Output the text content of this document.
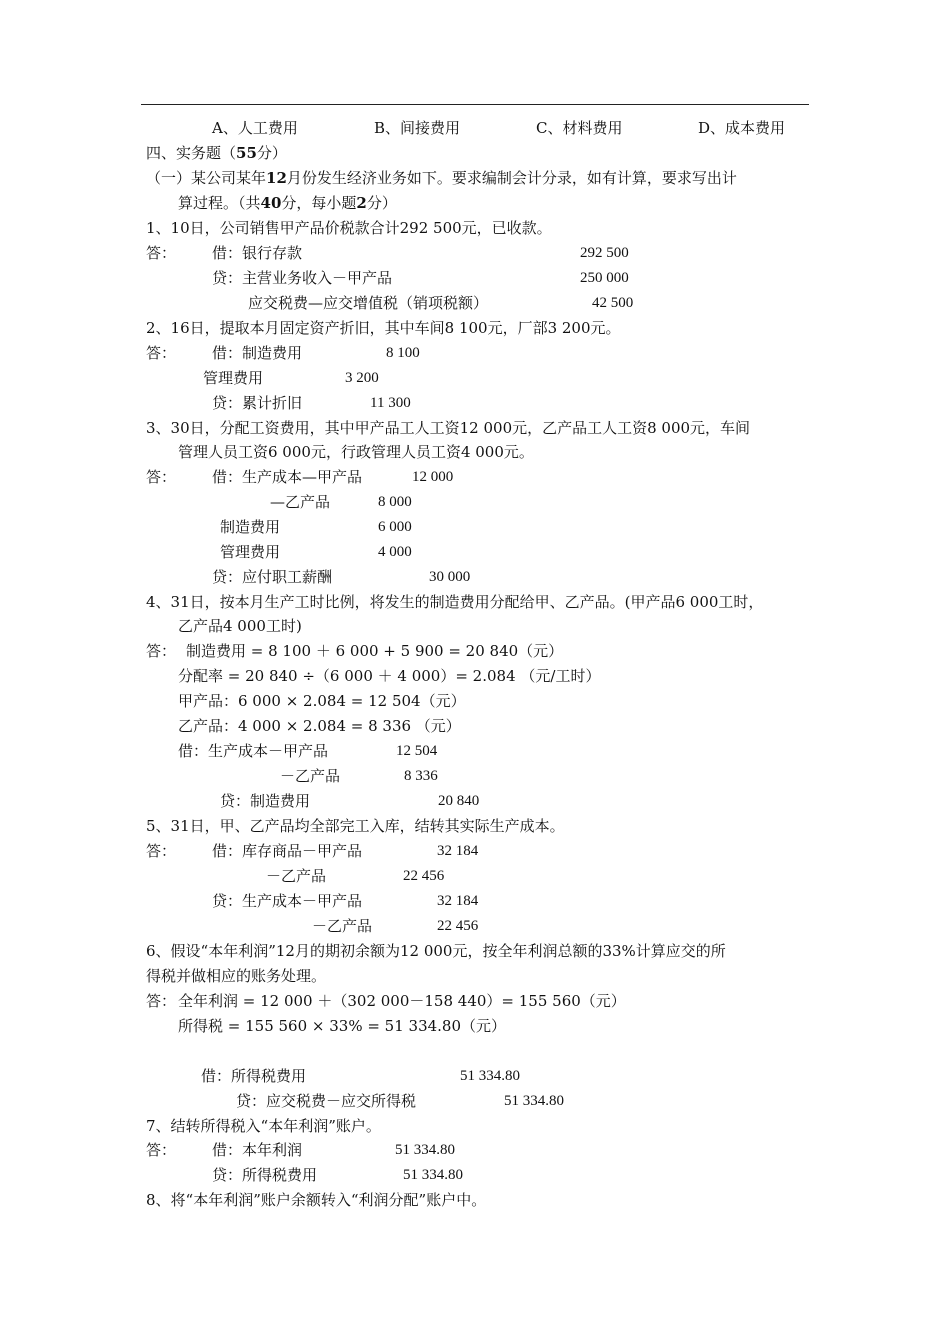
A、人工费用	B、间接费用	C、材料费用	D、成本费用
四、实务题（55分）
（一）某公司某年12月份发生经济业务如下。要求编制会计分录，如有计算，要求写出计
算过程。（共40分，每小题2分）
1、10日，公司销售甲产品价税款合计292 500元，已收款。
答： 借：银行存款	292 500
贷：主营业务收入－甲产品	250 000
应交税费—应交增值税（销项税额）	42 500
2、16日，提取本月固定资产折旧，其中车间8 100元，厂部3 200元。
答： 借：制造费用	8 100
管理费用	3 200
贷：累计折旧	11 300
3、30日，分配工资费用，其中甲产品工人工资12 000元，乙产品工人工资8 000元，车间
管理人员工资6 000元，行政管理人员工资4 000元。
答： 借：生产成本—甲产品	12 000
—乙产品	8 000
制造费用	6 000
管理费用	4 000
贷：应付职工薪酬	30 000
4、31日，按本月生产工时比例，将发生的制造费用分配给甲、乙产品。(甲产品6 000工时，
乙产品4 000工时)
答： 制造费用 = 8 100 ＋ 6 000 + 5 900 = 20 840（元）
分配率 = 20 840 ÷（6 000 ＋ 4 000）= 2.084 （元/工时）
甲产品：6 000 × 2.084 = 12 504（元）
乙产品：4 000 × 2.084 = 8 336 （元）
借：生产成本－甲产品	12 504
－乙产品	8 336
贷：制造费用	20 840
5、31日，甲、乙产品均全部完工入库，结转其实际生产成本。
答： 借：库存商品－甲产品	32 184
－乙产品	22 456
贷：生产成本－甲产品	32 184
－乙产品	22 456
6、假设“本年利润”12月的期初余额为12 000元，按全年利润总额的33%计算应交的所
得税并做相应的账务处理。
答： 全年利润 = 12 000 ＋（302 000－158 440）= 155 560（元）
所得税 = 155 560 × 33% = 51 334.80（元）
借：所得税费用	51 334.80
贷：应交税费－应交所得税	51 334.80
7、结转所得税入“本年利润”账户。
答： 借：本年利润	51 334.80
贷：所得税费用	51 334.80
8、将“本年利润”账户余额转入“利润分配”账户中。
